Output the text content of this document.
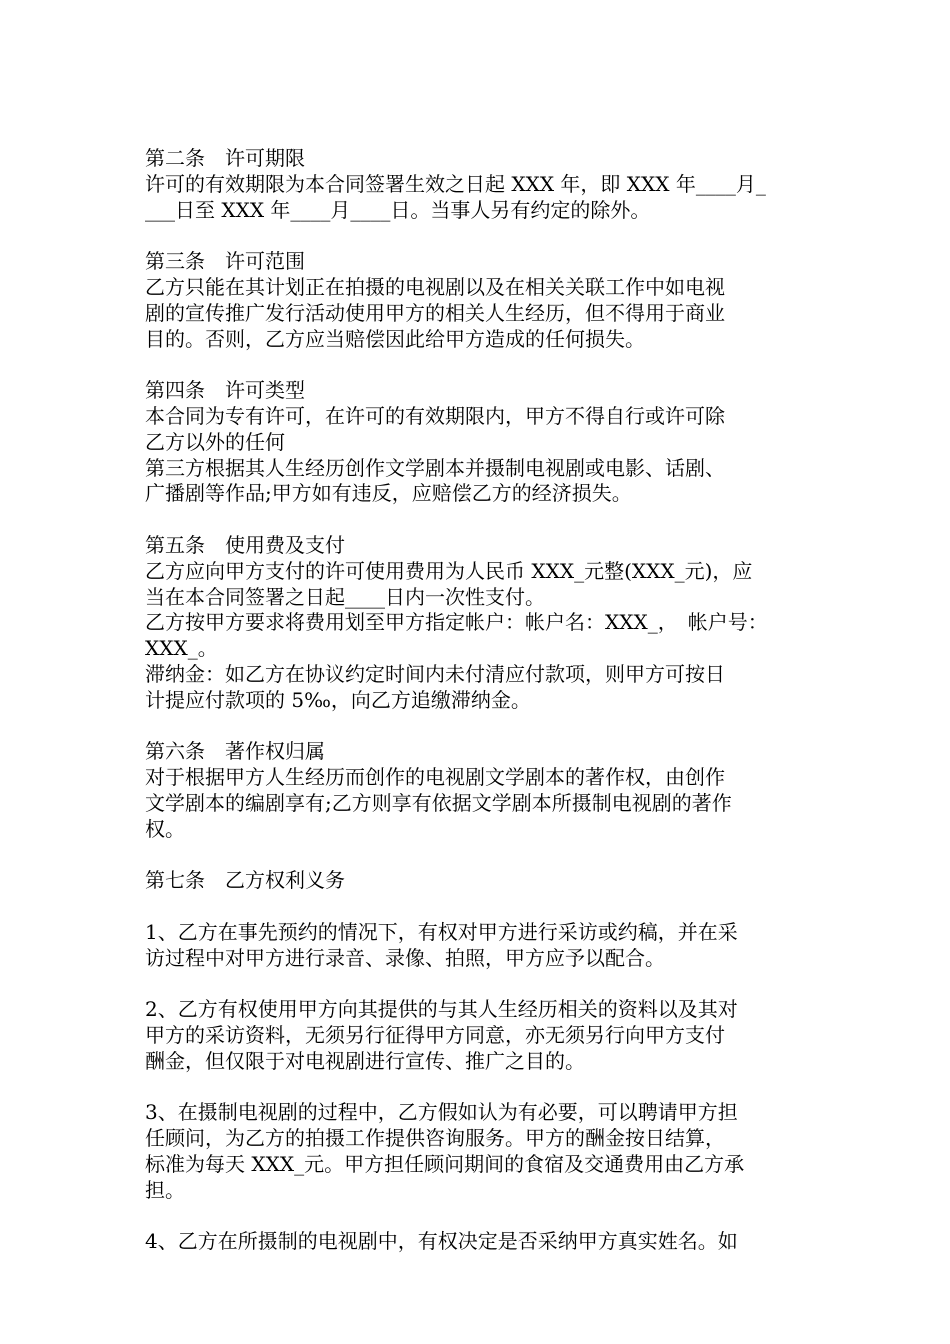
第二条　许可期限
许可的有效期限为本合同签署生效之日起 XXX 年，即 XXX 年____月_
___日至 XXX 年____月____日。当事人另有约定的除外。
第三条　许可范围
乙方只能在其计划正在拍摄的电视剧以及在相关关联工作中如电视
剧的宣传推广发行活动使用甲方的相关人生经历，但不得用于商业
目的。否则，乙方应当赔偿因此给甲方造成的任何损失。
第四条　许可类型
本合同为专有许可，在许可的有效期限内，甲方不得自行或许可除
乙方以外的任何
第三方根据其人生经历创作文学剧本并摄制电视剧或电影、话剧、
广播剧等作品;甲方如有违反，应赔偿乙方的经济损失。
第五条　使用费及支付
乙方应向甲方支付的许可使用费用为人民币 XXX_元整(XXX_元)，应
当在本合同签署之日起____日内一次性支付。
乙方按甲方要求将费用划至甲方指定帐户：帐户名：XXX_，　帐户号：
XXX_。
滞纳金：如乙方在协议约定时间内未付清应付款项，则甲方可按日
计提应付款项的 5‰，向乙方追缴滞纳金。
第六条　著作权归属
对于根据甲方人生经历而创作的电视剧文学剧本的著作权，由创作
文学剧本的编剧享有;乙方则享有依据文学剧本所摄制电视剧的著作
权。
第七条　乙方权利义务
1、乙方在事先预约的情况下，有权对甲方进行采访或约稿，并在采
访过程中对甲方进行录音、录像、拍照，甲方应予以配合。
2、乙方有权使用甲方向其提供的与其人生经历相关的资料以及其对
甲方的采访资料，无须另行征得甲方同意，亦无须另行向甲方支付
酬金，但仅限于对电视剧进行宣传、推广之目的。
3、在摄制电视剧的过程中，乙方假如认为有必要，可以聘请甲方担
任顾问，为乙方的拍摄工作提供咨询服务。甲方的酬金按日结算，
标准为每天 XXX_元。甲方担任顾问期间的食宿及交通费用由乙方承
担。
4、乙方在所摄制的电视剧中，有权决定是否采纳甲方真实姓名。如
